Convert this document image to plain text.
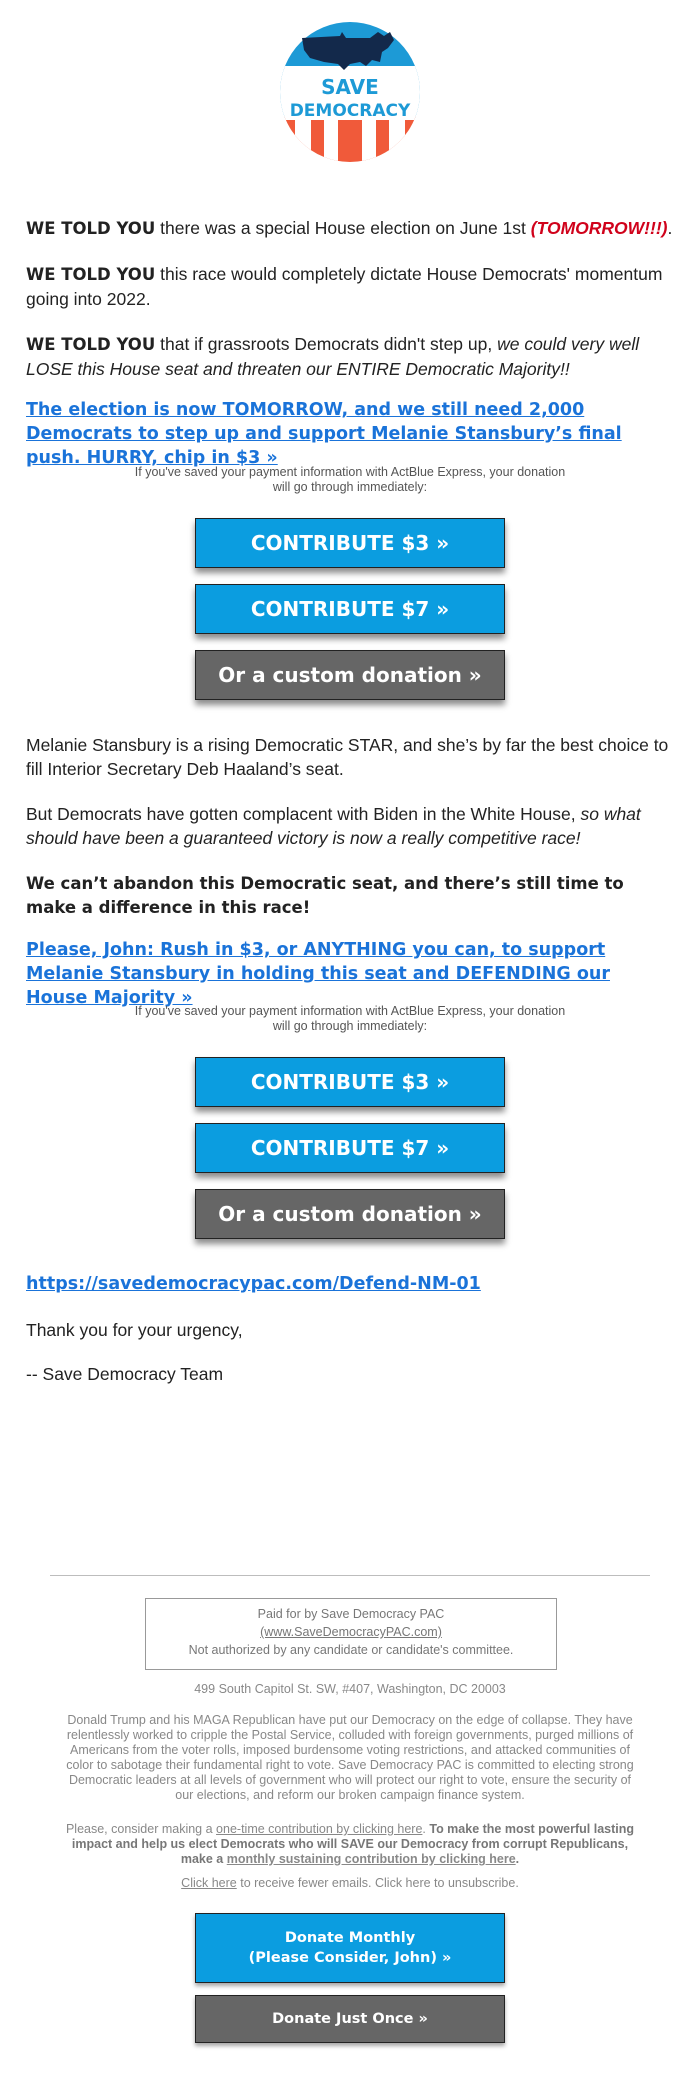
SAVE
DEMOCRACY

WE TOLD YOU there was a special House election on June 1st (TOMORROW!!!).

WE TOLD YOU this race would completely dictate House Democrats' momentum going into 2022.

WE TOLD YOU that if grassroots Democrats didn't step up, we could very well LOSE this House seat and threaten our ENTIRE Democratic Majority!!

The election is now TOMORROW, and we still need 2,000 Democrats to step up and support Melanie Stansbury’s final push. HURRY, chip in $3 »
If you've saved your payment information with ActBlue Express, your donation
will go through immediately:
CONTRIBUTE $3 »
CONTRIBUTE $7 »
Or a custom donation »

Melanie Stansbury is a rising Democratic STAR, and she’s by far the best choice to fill Interior Secretary Deb Haaland’s seat.

But Democrats have gotten complacent with Biden in the White House, so what should have been a guaranteed victory is now a really competitive race!

We can’t abandon this Democratic seat, and there’s still time to make a difference in this race!

Please, John: Rush in $3, or ANYTHING you can, to support Melanie Stansbury in holding this seat and DEFENDING our House Majority »
If you've saved your payment information with ActBlue Express, your donation
will go through immediately:
CONTRIBUTE $3 »
CONTRIBUTE $7 »
Or a custom donation »
https://savedemocracypac.com/Defend-NM-01

Thank you for your urgency,

-- Save Democracy Team

Paid for by Save Democracy PAC
(www.SaveDemocracyPAC.com)
Not authorized by any candidate or candidate's committee.
499 South Capitol St. SW, #407, Washington, DC 20003
Donald Trump and his MAGA Republican have put our Democracy on the edge of collapse. They have relentlessly worked to cripple the Postal Service, colluded with foreign governments, purged millions of Americans from the voter rolls, imposed burdensome voting restrictions, and attacked communities of color to sabotage their fundamental right to vote. Save Democracy PAC is committed to electing strong Democratic leaders at all levels of government who will protect our right to vote, ensure the security of our elections, and reform our broken campaign finance system.
Please, consider making a one-time contribution by clicking here. To make the most powerful lasting impact and help us elect Democrats who will SAVE our Democracy from corrupt Republicans, make a monthly sustaining contribution by clicking here.
Click here to receive fewer emails. Click here to unsubscribe.
Donate Monthly
(Please Consider, John) »
Donate Just Once »
